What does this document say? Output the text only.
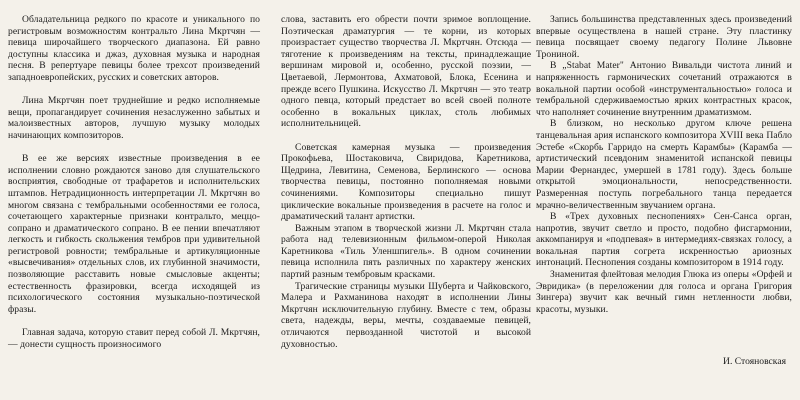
Обладательница редкого по красоте и уникального по регистровым возможностям контральто Лина Мкртчян — певица широчайшего творческого диапазона. Ей равно доступны классика и джаз, духовная музыка и народная песня. В репертуаре певицы более трехсот произведений западноевропейских, русских и советских авторов.

Лина Мкртчян поет труднейшие и редко исполняемые вещи, пропагандирует сочинения незаслуженно забытых и малоизвестных авторов, лучшую музыку молодых начинающих композиторов.

В ее же версиях известные произведения в ее исполнении словно рождаются заново для слушательского восприятия, свободные от трафаретов и исполнительских штампов. Нетрадиционность интерпретации Л. Мкртчян во многом связана с тембральными особенностями ее голоса, сочетающего характерные признаки контральто, меццо-сопрано и драматического сопрано. В ее пении впечатляют легкость и гибкость скольжения тембров при удивительной регистровой ровности; тембральные и артикуляционные «высвечивания» отдельных слов, их глубинной значимости, позволяющие расставить новые смысловые акценты; естественность фразировки, всегда исходящей из психологического состояния музыкально-поэтической фразы.

Главная задача, которую ставит перед собой Л. Мкртчян, — донести сущность произносимого

слова, заставить его обрести почти зримое воплощение. Поэтическая драматургия — те корни, из которых произрастает существо творчества Л. Мкртчян. Отсюда — тяготение к произведениям на тексты, принадлежащие вершинам мировой и, особенно, русской поэзии, — Цветаевой, Лермонтова, Ахматовой, Блока, Есенина и прежде всего Пушкина. Искусство Л. Мкртчян — это театр одного певца, который предстает во всей своей полноте особенно в вокальных циклах, столь любимых исполнительницей.

Советская камерная музыка — произведения Прокофьева, Шостаковича, Свиридова, Каретникова, Щедрина, Левитина, Семенова, Берлинского — основа творчества певицы, постоянно пополняемая новыми сочинениями. Композиторы специально пишут циклические вокальные произведения в расчете на голос и драматический талант артистки.

Важным этапом в творческой жизни Л. Мкртчян стала работа над телевизионным фильмом-оперой Николая Каретникова «Тиль Уленшпигель». В одном сочинении певица исполнила пять различных по характеру женских партий разным тембровым красками.

Трагические страницы музыки Шуберта и Чайковского, Малера и Рахманинова находят в исполнении Лины Мкртчян исключительную глубину. Вместе с тем, образы света, надежды, веры, мечты, создаваемые певицей, отличаются первозданной чистотой и высокой духовностью.

Запись большинства представленных здесь произведений впервые осуществлена в нашей стране. Эту пластинку певица посвящает своему педагогу Полине Львовне Трониной.

В „Stabat Mater" Антонио Вивальди чистота линий и напряженность гармонических сочетаний отражаются в вокальной партии особой «инструментальностью» голоса и тембральной сдерживаемостью ярких контрастных красок, что наполняет сочинение внутренним драматизмом.

В близком, но несколько другом ключе решена танцевальная ария испанского композитора XVIII века Пабло Эстебе «Скорбь Гарридо на смерть Карамбы» (Карамба — артистический псевдоним знаменитой испанской певицы Марии Фернандес, умершей в 1781 году). Здесь больше открытой эмоциональности, непосредственности. Размеренная поступь погребального танца передается мрачно-величественным звучанием органа.

В «Трех духовных песнопениях» Сен-Санса орган, напротив, звучит светло и просто, подобно фисгармонии, аккомпанируя и «подпевая» в интермедиях-связках голосу, а вокальная партия согрета искренностью ариозных интонаций. Песнопения созданы композитором в 1914 году.

Знаменитая флейтовая мелодия Глюка из оперы «Орфей и Эвридика» (в переложении для голоса и органа Григория Зингера) звучит как вечный гимн нетленности любви, красоты, музыки.

И. Стояновская
